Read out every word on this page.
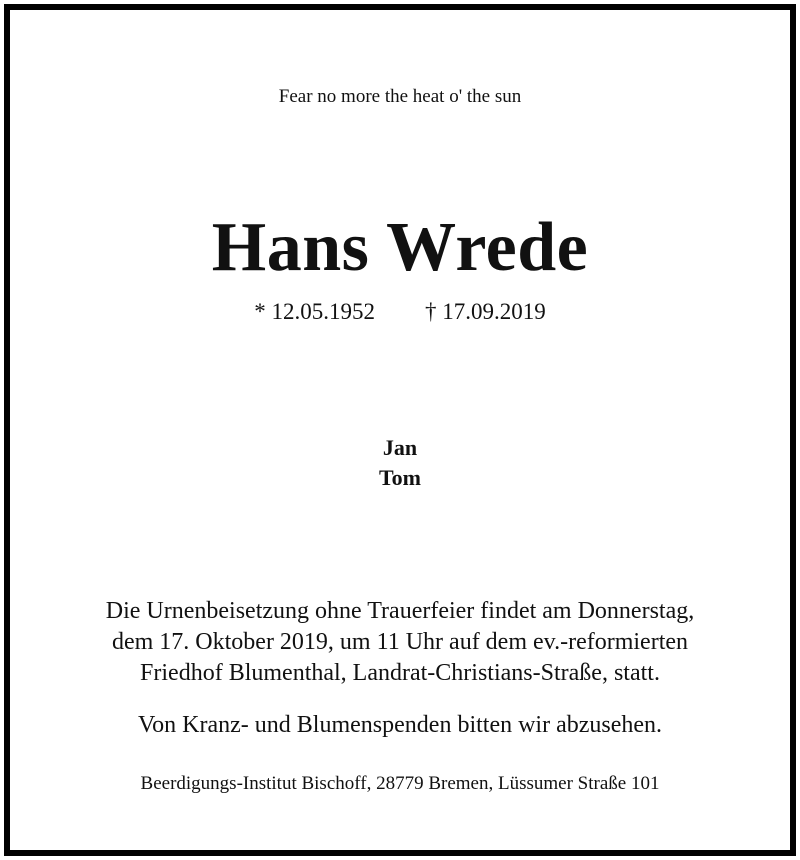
Fear no more the heat o' the sun
Hans Wrede
* 12.05.1952 † 17.09.2019
Jan
Tom
Die Urnenbeisetzung ohne Trauerfeier findet am Donnerstag,
dem 17. Oktober 2019, um 11 Uhr auf dem ev.-reformierten
Friedhof Blumenthal, Landrat-Christians-Straße, statt.
Von Kranz- und Blumenspenden bitten wir abzusehen.
Beerdigungs-Institut Bischoff, 28779 Bremen, Lüssumer Straße 101
